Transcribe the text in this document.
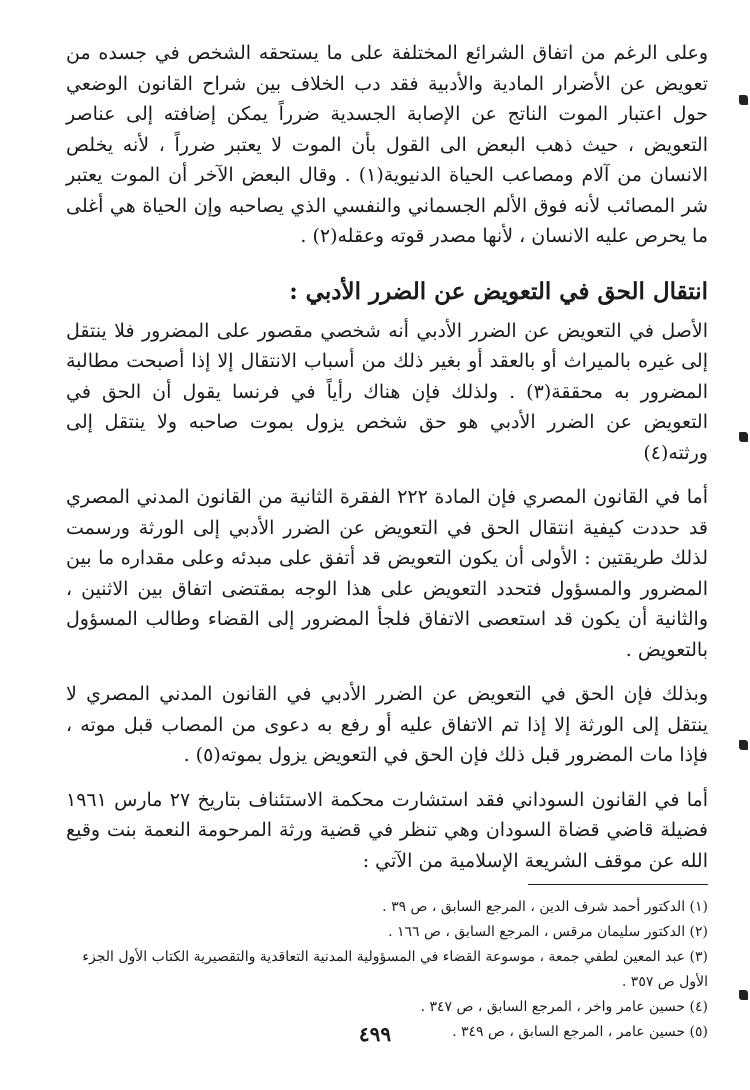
وعلى الرغم من اتفاق الشرائع المختلفة على ما يستحقه الشخص في جسده من تعويض عن الأضرار المادية والأدبية فقد دب الخلاف بين شراح القانون الوضعي حول اعتبار الموت الناتج عن الإصابة الجسدية ضرراً يمكن إضافته إلى عناصر التعويض ، حيث ذهب البعض الى القول بأن الموت لا يعتبر ضرراً ، لأنه يخلص الانسان من آلام ومصاعب الحياة الدنيوية(١) . وقال البعض الآخر أن الموت يعتبر شر المصائب لأنه فوق الألم الجسماني والنفسي الذي يصاحبه وإن الحياة هي أغلى ما يحرص عليه الانسان ، لأنها مصدر قوته وعقله(٢) .

انتقال الحق في التعويض عن الضرر الأدبي :

الأصل في التعويض عن الضرر الأدبي أنه شخصي مقصور على المضرور فلا ينتقل إلى غيره بالميراث أو بالعقد أو بغير ذلك من أسباب الانتقال إلا إذا أصبحت مطالبة المضرور به محققة(٣) . ولذلك فإن هناك رأياً في فرنسا يقول أن الحق في التعويض عن الضرر الأدبي هو حق شخص يزول بموت صاحبه ولا ينتقل إلى ورثته(٤)

أما في القانون المصري فإن المادة ٢٢٢ الفقرة الثانية من القانون المدني المصري قد حددت كيفية انتقال الحق في التعويض عن الضرر الأدبي إلى الورثة ورسمت لذلك طريقتين : الأولى أن يكون التعويض قد أتفق على مبدئه وعلى مقداره ما بين المضرور والمسؤول فتحدد التعويض على هذا الوجه بمقتضى اتفاق بين الاثنين ، والثانية أن يكون قد استعصى الاتفاق فلجأ المضرور إلى القضاء وطالب المسؤول بالتعويض .

وبذلك فإن الحق في التعويض عن الضرر الأدبي في القانون المدني المصري لا ينتقل إلى الورثة إلا إذا تم الاتفاق عليه أو رفع به دعوى من المصاب قبل موته ، فإذا مات المضرور قبل ذلك فإن الحق في التعويض يزول بموته(٥) .

أما في القانون السوداني فقد استشارت محكمة الاستئناف بتاريخ ٢٧ مارس ١٩٦١ فضيلة قاضي قضاة السودان وهي تنظر في قضية ورثة المرحومة النعمة بنت وقيع الله عن موقف الشريعة الإسلامية من الآتي :

(١) الدكتور أحمد شرف الدين ، المرجع السابق ، ص ٣٩ .

(٢) الدكتور سليمان مرقس ، المرجع السابق ، ص ١٦٦ .

(٣) عبد المعين لطفي جمعة ، موسوعة القضاء في المسؤولية المدنية التعاقدية والتقصيرية الكتاب الأول الجزء الأول ص ٣٥٧ .

(٤) حسين عامر واخر ، المرجع السابق ، ص ٣٤٧ .

(٥) حسين عامر ، المرجع السابق ، ص ٣٤٩ .

٤٩٩
